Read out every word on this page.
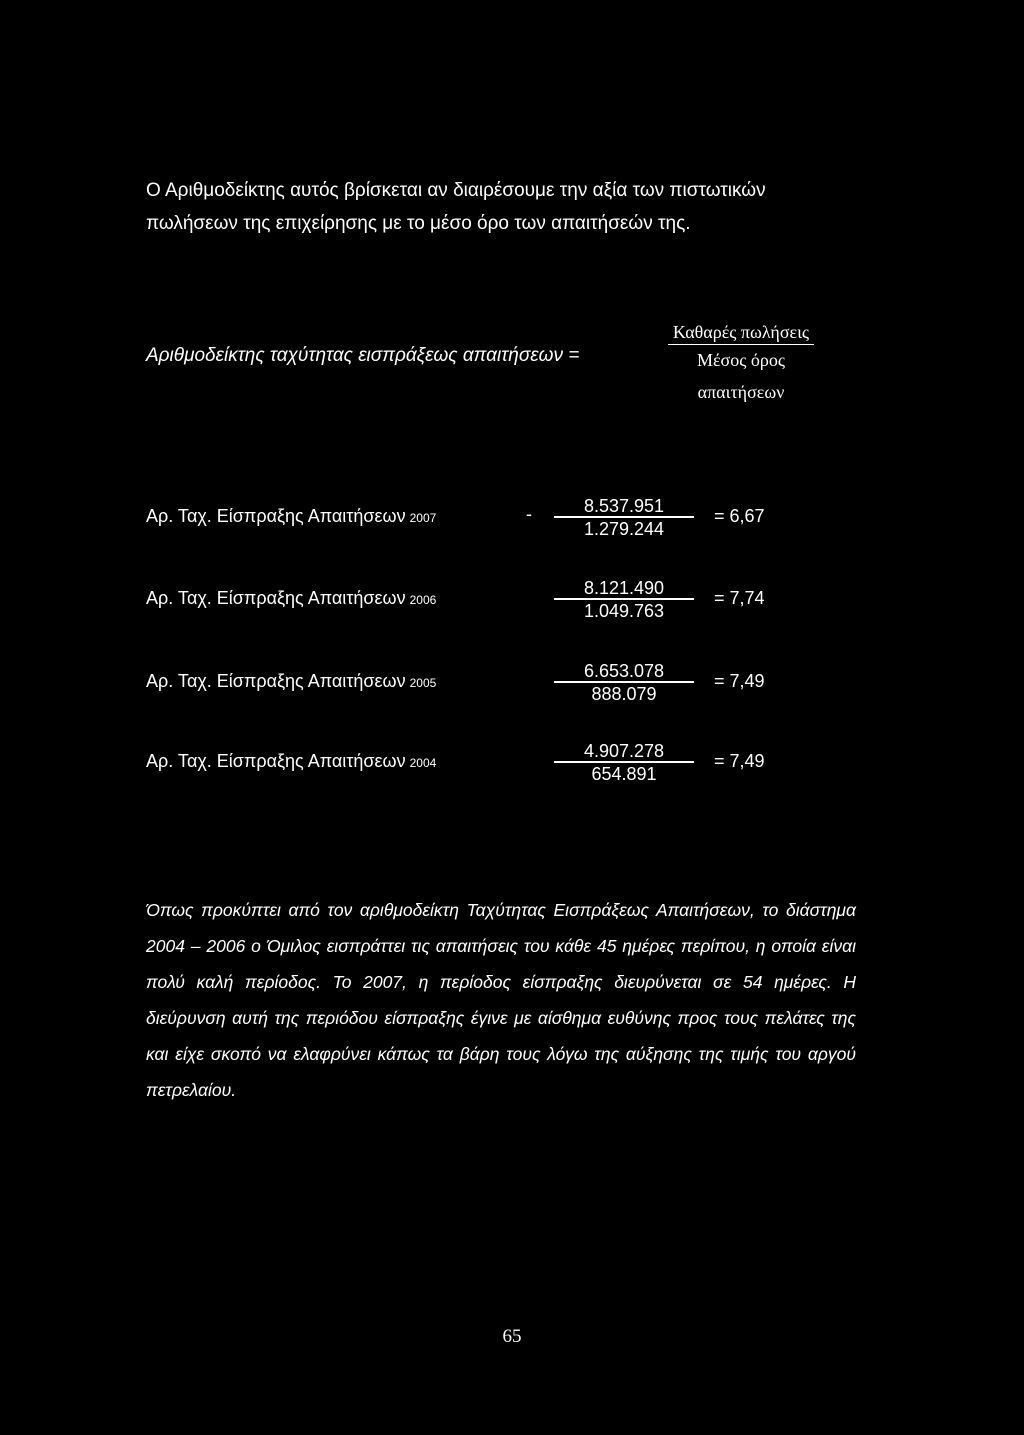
Ο Αριθμοδείκτης αυτός βρίσκεται αν διαιρέσουμε την αξία των πιστωτικών
πωλήσεων της επιχείρησης με το μέσο όρο των απαιτήσεών της.
Αριθμοδείκτης ταχύτητας εισπράξεως απαιτήσεων =
Καθαρές πωλήσεις
Μέσος όρος
απαιτήσεων
Αρ. Ταχ. Είσπραξης Απαιτήσεων 2007	-	8.537.951
1.279.244
= 6,67
Αρ. Ταχ. Είσπραξης Απαιτήσεων 2006
8.121.490
1.049.763
= 7,74
Αρ. Ταχ. Είσπραξης Απαιτήσεων 2005
6.653.078
888.079
= 7,49
Αρ. Ταχ. Είσπραξης Απαιτήσεων 2004
4.907.278
654.891
= 7,49

Όπως προκύπτει από τον αριθμοδείκτη Ταχύτητας Εισπράξεως Απαιτήσεων, το διάστημα 2004 – 2006 ο Όμιλος εισπράττει τις απαιτήσεις του κάθε 45 ημέρες περίπου, η οποία είναι πολύ καλή περίοδος. Το 2007, η περίοδος είσπραξης διευρύνεται σε 54 ημέρες. Η διεύρυνση αυτή της περιόδου είσπραξης έγινε με αίσθημα ευθύνης προς τους πελάτες της και είχε σκοπό να ελαφρύνει κάπως τα βάρη τους λόγω της αύξησης της τιμής του αργού πετρελαίου.

65
